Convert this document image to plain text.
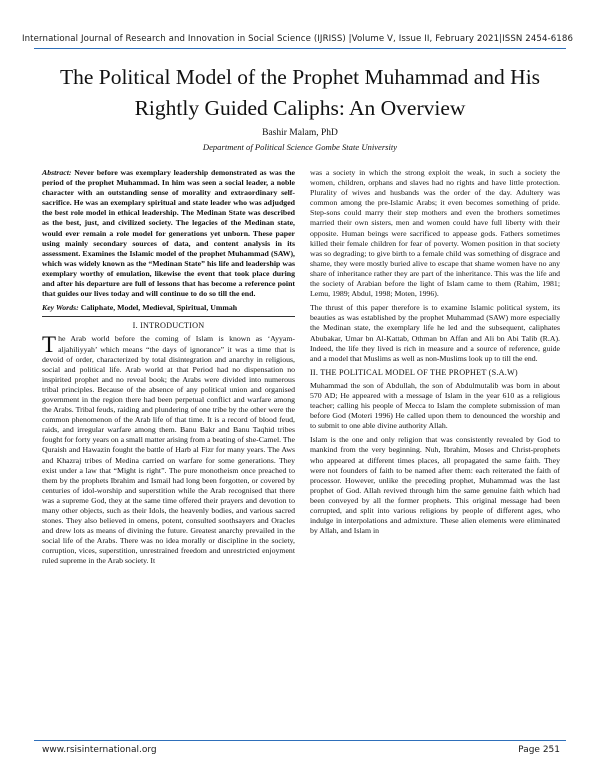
International Journal of Research and Innovation in Social Science (IJRISS) |Volume V, Issue II, February 2021|ISSN 2454-6186
The Political Model of the Prophet Muhammad and His Rightly Guided Caliphs: An Overview
Bashir Malam, PhD
Department of Political Science Gombe State University

Abstract: Never before was exemplary leadership demonstrated as was the period of the prophet Muhammad. In him was seen a social leader, a noble character with an outstanding sense of morality and extraordinary self-sacrifice. He was an exemplary spiritual and state leader who was adjudged the best role model in ethical leadership. The Medinan State was described as the best, just, and civilized society. The legacies of the Medinan state, would ever remain a role model for generations yet unborn. These paper using mainly secondary sources of data, and content analysis in its assessment. Examines the Islamic model of the prophet Muhammad (SAW), which was widely known as the “Medinan State” his life and leadership was exemplary worthy of emulation, likewise the event that took place during and after his departure are full of lessons that has become a reference point that guides our lives today and will continue to do so till the end.

Key Words: Caliphate, Model, Medieval, Spiritual, Ummah
I. INTRODUCTION

The Arab world before the coming of Islam is known as ‘Ayyam-aljahiliyyah’ which means “the days of ignorance” it was a time that is devoid of order, characterized by total disintegration and anarchy in religious, social and political life. Arab world at that Period had no dispensation no inspirited prophet and no reveal book; the Arabs were divided into numerous tribal principles. Because of the absence of any political union and organised government in the region there had been perpetual conflict and warfare among the Arabs. Tribal feuds, raiding and plundering of one tribe by the other were the common phenomenon of the Arab life of that time. It is a record of blood feud, raids, and irregular warfare among them. Banu Bakr and Banu Taqhid tribes fought for forty years on a small matter arising from a beating of she-Camel. The Quraish and Hawazin fought the battle of Harb al Fizr for many years. The Aws and Khazraj tribes of Medina carried on warfare for some generations. They exist under a law that “Might is right”. The pure monotheism once preached to them by the prophets Ibrahim and Ismail had long been forgotten, or covered by centuries of idol-worship and superstition while the Arab recognised that there was a supreme God, they at the same time offered their prayers and devotion to many other objects, such as their Idols, the heavenly bodies, and various sacred stones. They also believed in omens, potent, consulted soothsayers and Oracles and drew lots as means of divining the future. Greatest anarchy prevailed in the social life of the Arabs. There was no idea morally or discipline in the society, corruption, vices, superstition, unrestrained freedom and unrestricted enjoyment ruled supreme in the Arab society. It

was a society in which the strong exploit the weak, in such a society the women, children, orphans and slaves had no rights and have little protection. Plurality of wives and husbands was the order of the day. Adultery was common among the pre-Islamic Arabs; it even becomes something of pride. Step-sons could marry their step mothers and even the brothers sometimes married their own sisters, men and women could have full liberty with their opposite. Human beings were sacrificed to appease gods. Fathers sometimes killed their female children for fear of poverty. Women position in that society was so degrading; to give birth to a female child was something of disgrace and shame, they were mostly buried alive to escape that shame women have no any share of inheritance rather they are part of the inheritance. This was the life and the society of Arabian before the light of Islam came to them (Rahim, 1981; Lemu, 1989; Abdul, 1998; Moten, 1996).

The thrust of this paper therefore is to examine Islamic political system, its beauties as was established by the prophet Muhammad (SAW) more especially the Medinan state, the exemplary life he led and the subsequent, caliphates Abubakar, Umar bn Al-Kattab, Othman bn Affan and Ali bn Abi Talib (R.A). Indeed, the life they lived is rich in measure and a source of reference, guide and a model that Muslims as well as non-Muslims look up to till the end.

II. THE POLITICAL MODEL OF THE PROPHET (S.A.W)

Muhammad the son of Abdullah, the son of Abdulmutalib was born in about 570 AD; He appeared with a message of Islam in the year 610 as a religious teacher; calling his people of Mecca to Islam the complete submission of man before God (Moteri 1996) He called upon them to denounced the worship and to submit to one able divine authority Allah.

Islam is the one and only religion that was consistently revealed by God to mankind from the very beginning. Nuh, Ibrahim, Moses and Christ-prophets who appeared at different times places, all propagated the same faith. They were not founders of faith to be named after them: each reiterated the faith of processor. However, unlike the preceding prophet, Muhammad was the last prophet of God. Allah revived through him the same genuine faith which had been conveyed by all the former prophets. This original message had been corrupted, and split into various religions by people of different ages, who indulge in interpolations and admixture. These alien elements were eliminated by Allah, and Islam in

www.rsisinternational.org	Page 251
